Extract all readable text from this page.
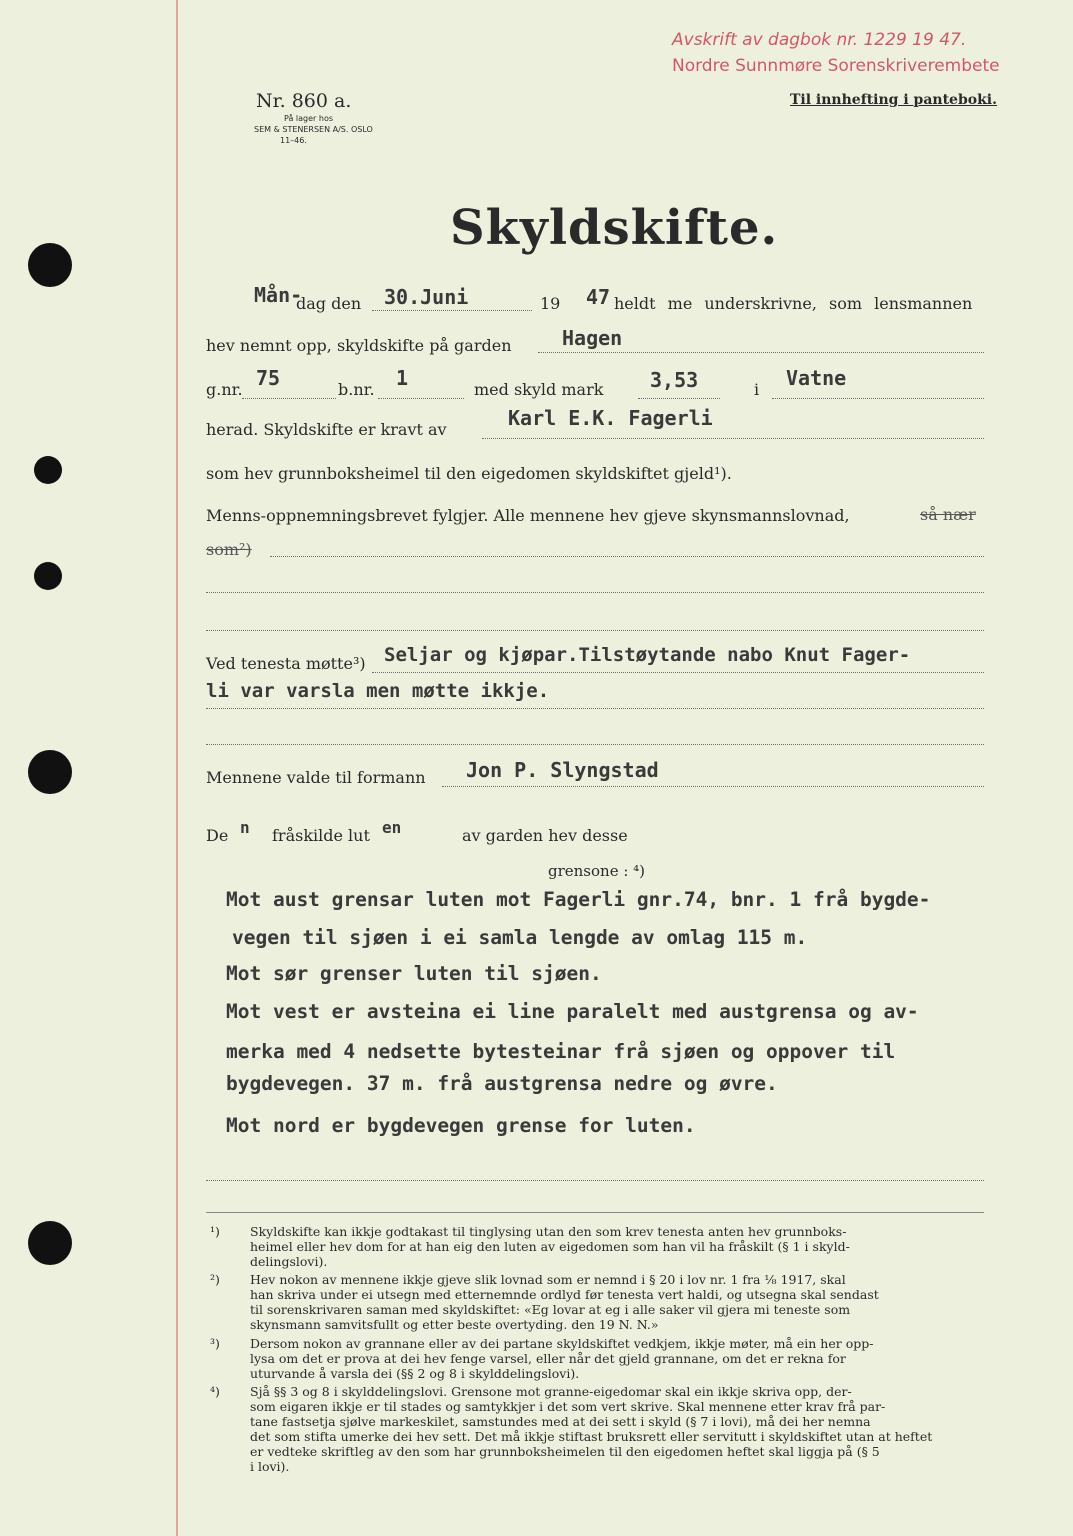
Avskrift av dagbok nr. 1229 19 47.
Nordre Sunnmøre Sorenskriverembete
Nr. 860 a.
På lager hos
SEM & STENERSEN A/S. OSLO
11–46.
Til innhefting i panteboki.
Skyldskifte.
Mån-
dag den 30.Juni	19 47 heldt me underskrivne, som lensmannen
hev nemnt opp, skyldskifte på garden	Hagen
g.nr. 75	b.nr. 1	med skyld mark 3,53	i Vatne
herad. Skyldskifte er kravt av	Karl E.K. Fagerli
som hev grunnboksheimel til den eigedomen skyldskiftet gjeld¹).
Menns-oppnemningsbrevet fylgjer. Alle mennene hev gjeve skynsmannslovnad,	så nær
som²)
Ved tenesta møtte³) Seljar og kjøpar.Tilstøytande nabo Knut Fager-
li var varsla men møtte ikkje.
Mennene valde til formann Jon P. Slyngstad
De n fråskilde lut en	av garden hev desse
grensone : ⁴)
Mot aust grensar luten mot Fagerli gnr.74, bnr. 1 frå bygde-
vegen til sjøen i ei samla lengde av omlag 115 m.
Mot sør grenser luten til sjøen.
Mot vest er avsteina ei line paralelt med austgrensa og av-
merka med 4 nedsette bytesteinar frå sjøen og oppover til
bygdevegen. 37 m. frå austgrensa nedre og øvre.
Mot nord er bygdevegen grense for luten.
¹) Skyldskifte kan ikkje godtakast til tinglysing utan den som krev tenesta anten hev grunnboks-
heimel eller hev dom for at han eig den luten av eigedomen som han vil ha fråskilt (§ 1 i skyld-
delingslovi).
²) Hev nokon av mennene ikkje gjeve slik lovnad som er nemnd i § 20 i lov nr. 1 fra ⅛ 1917, skal
han skriva under ei utsegn med etternemnde ordlyd før tenesta vert haldi, og utsegna skal sendast
til sorenskrivaren saman med skyldskiftet: «Eg lovar at eg i alle saker vil gjera mi teneste som
skynsmann samvitsfullt og etter beste overtyding. den 19 N. N.»
³) Dersom nokon av grannane eller av dei partane skyldskiftet vedkjem, ikkje møter, må ein her opp-
lysa om det er prova at dei hev fenge varsel, eller når det gjeld grannane, om det er rekna for
uturvande å varsla dei (§§ 2 og 8 i skylddelingslovi).
⁴) Sjå §§ 3 og 8 i skylddelingslovi. Grensone mot granne-eigedomar skal ein ikkje skriva opp, der-
som eigaren ikkje er til stades og samtykkjer i det som vert skrive. Skal mennene etter krav frå par-
tane fastsetja sjølve markeskilet, samstundes med at dei sett i skyld (§ 7 i lovi), må dei her nemna
det som stifta umerke dei hev sett. Det må ikkje stiftast bruksrett eller servitutt i skyldskiftet utan at heftet
er vedteke skriftleg av den som har grunnboksheimelen til den eigedomen heftet skal liggja på (§ 5
i lovi).
